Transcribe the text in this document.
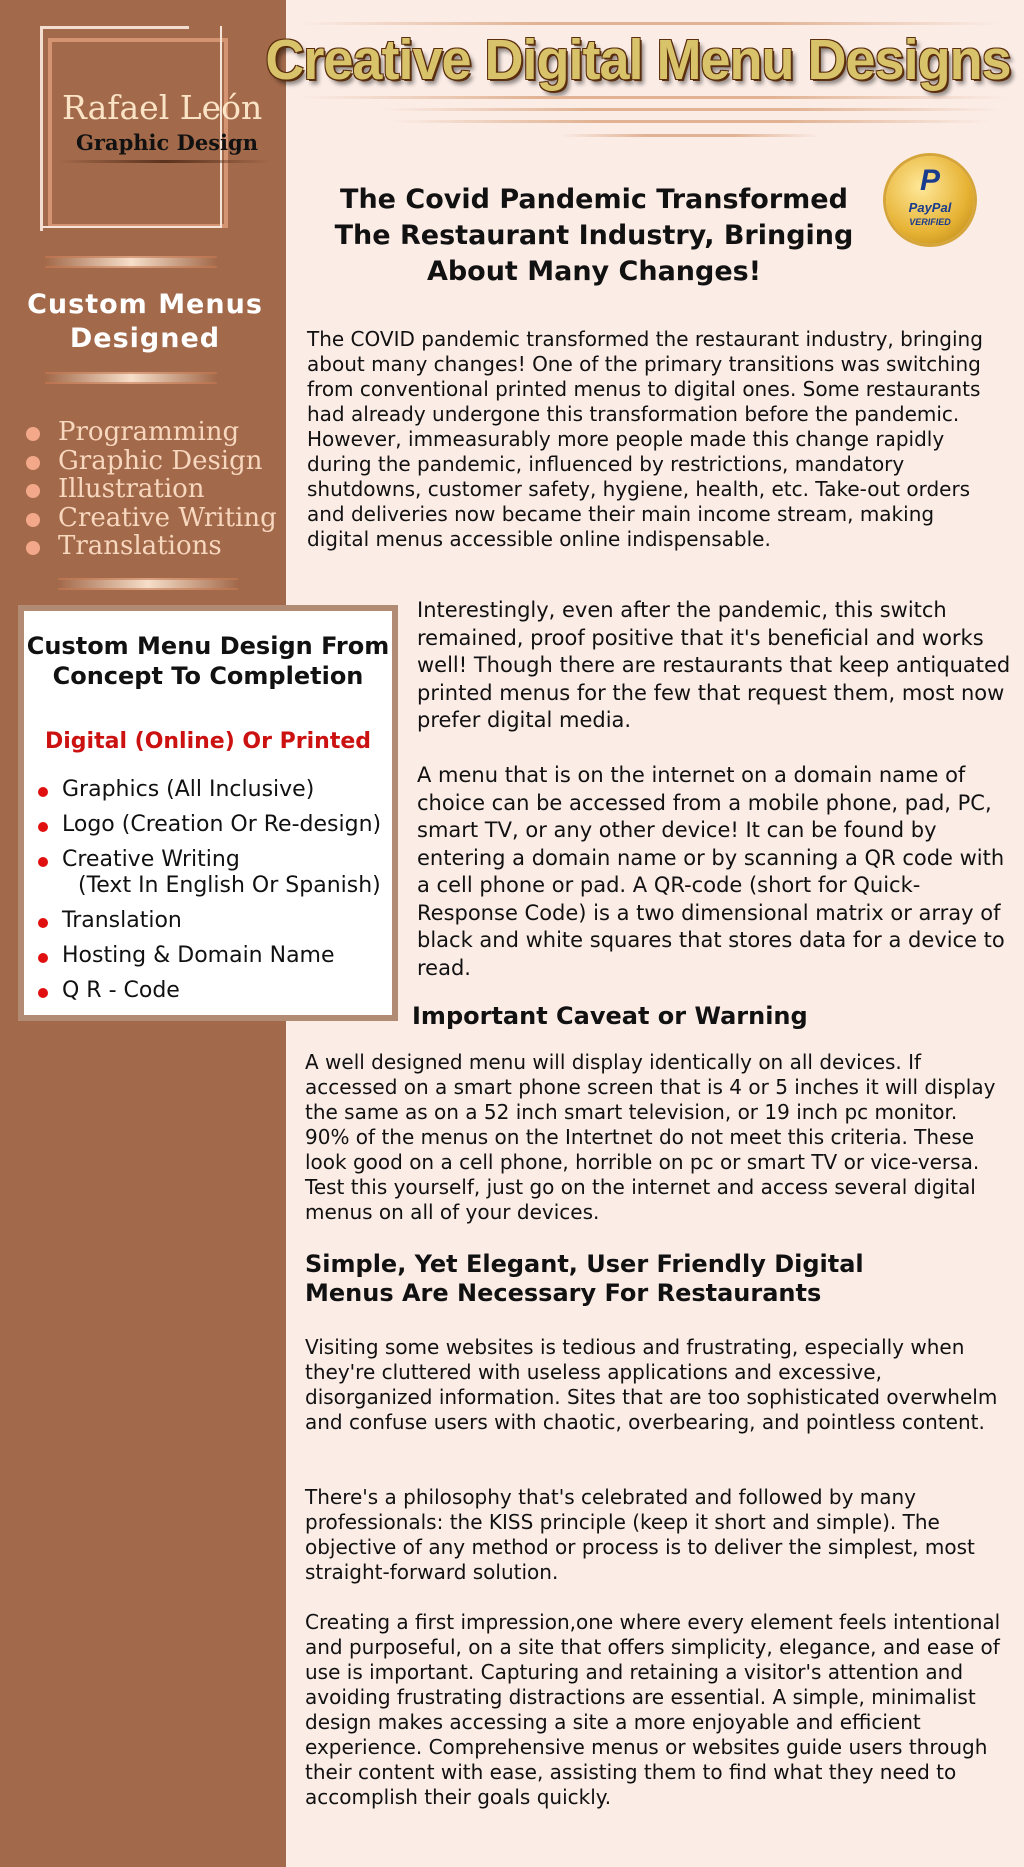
Rafael León
Graphic Design
Custom Menus Designed
Programming
Graphic Design
Illustration
Creative Writing
Translations
Custom Menu Design From Concept To Completion
Digital (Online) Or Printed
Graphics (All Inclusive)
Logo (Creation Or Re-design)
Creative Writing
(Text In English Or Spanish)
Translation
Hosting & Domain Name
Q R - Code
Creative Digital Menu Designs
P
PayPal
VERIFIED
The Covid Pandemic Transformed The Restaurant Industry, Bringing About Many Changes!

The COVID pandemic transformed the restaurant industry, bringing about many changes! One of the primary transitions was switching from conventional printed menus to digital ones. Some restaurants had already undergone this transformation before the pandemic. However, immeasurably more people made this change rapidly during the pandemic, influenced by restrictions, mandatory shutdowns, customer safety, hygiene, health, etc. Take-out orders and deliveries now became their main income stream, making digital menus accessible online indispensable.

Interestingly, even after the pandemic, this switch remained, proof positive that it's beneficial and works well! Though there are restaurants that keep antiquated printed menus for the few that request them, most now prefer digital media.

A menu that is on the internet on a domain name of choice can be accessed from a mobile phone, pad, PC, smart TV, or any other device! It can be found by entering a domain name or by scanning a QR code with a cell phone or pad. A QR-code (short for Quick-Response Code) is a two dimensional matrix or array of black and white squares that stores data for a device to read.

Important Caveat or Warning

A well designed menu will display identically on all devices. If accessed on a smart phone screen that is 4 or 5 inches it will display the same as on a 52 inch smart television, or 19 inch pc monitor. 90% of the menus on the Intertnet do not meet this criteria. These look good on a cell phone, horrible on pc or smart TV or vice-versa. Test this yourself, just go on the internet and access several digital menus on all of your devices.

Simple, Yet Elegant, User Friendly Digital Menus Are Necessary For Restaurants

Visiting some websites is tedious and frustrating, especially when they're cluttered with useless applications and excessive, disorganized information. Sites that are too sophisticated overwhelm and confuse users with chaotic, overbearing, and pointless content.

There's a philosophy that's celebrated and followed by many professionals: the KISS principle (keep it short and simple). The objective of any method or process is to deliver the simplest, most straight-forward solution.

Creating a first impression,one where every element feels intentional and purposeful, on a site that offers simplicity, elegance, and ease of use is important. Capturing and retaining a visitor's attention and avoiding frustrating distractions are essential. A simple, minimalist design makes accessing a site a more enjoyable and efficient experience. Comprehensive menus or websites guide users through their content with ease, assisting them to find what they need to accomplish their goals quickly.
